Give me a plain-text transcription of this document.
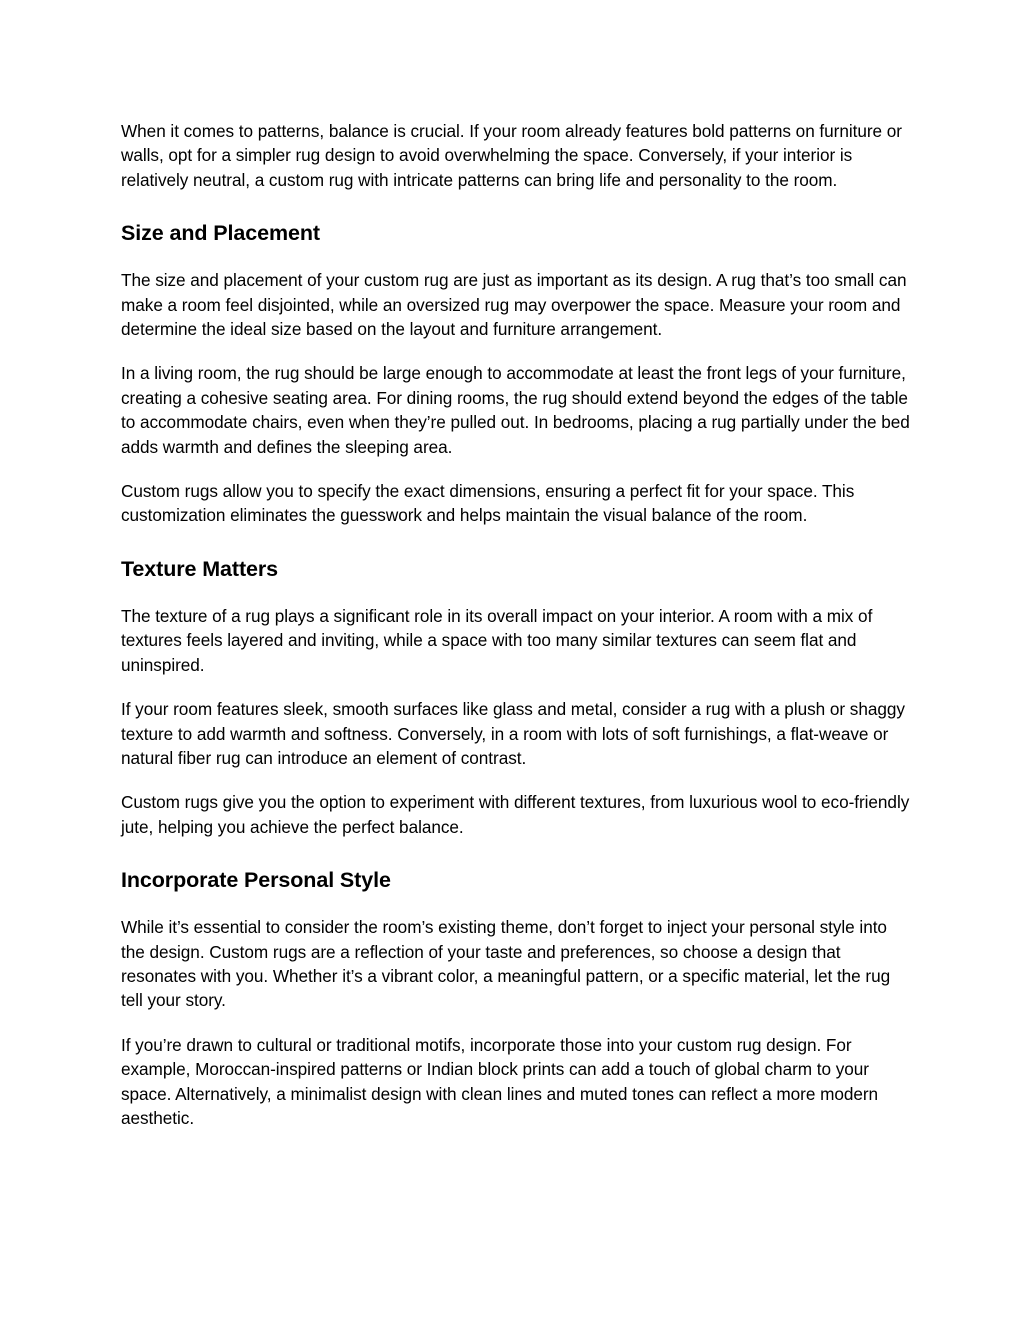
When it comes to patterns, balance is crucial. If your room already features bold patterns on furniture or walls, opt for a simpler rug design to avoid overwhelming the space. Conversely, if your interior is relatively neutral, a custom rug with intricate patterns can bring life and personality to the room.

Size and Placement

The size and placement of your custom rug are just as important as its design. A rug that’s too small can make a room feel disjointed, while an oversized rug may overpower the space. Measure your room and determine the ideal size based on the layout and furniture arrangement.

In a living room, the rug should be large enough to accommodate at least the front legs of your furniture, creating a cohesive seating area. For dining rooms, the rug should extend beyond the edges of the table to accommodate chairs, even when they’re pulled out. In bedrooms, placing a rug partially under the bed adds warmth and defines the sleeping area.

Custom rugs allow you to specify the exact dimensions, ensuring a perfect fit for your space. This customization eliminates the guesswork and helps maintain the visual balance of the room.

Texture Matters

The texture of a rug plays a significant role in its overall impact on your interior. A room with a mix of textures feels layered and inviting, while a space with too many similar textures can seem flat and uninspired.

If your room features sleek, smooth surfaces like glass and metal, consider a rug with a plush or shaggy texture to add warmth and softness. Conversely, in a room with lots of soft furnishings, a flat-weave or natural fiber rug can introduce an element of contrast.

Custom rugs give you the option to experiment with different textures, from luxurious wool to eco-friendly jute, helping you achieve the perfect balance.

Incorporate Personal Style

While it’s essential to consider the room’s existing theme, don’t forget to inject your personal style into the design. Custom rugs are a reflection of your taste and preferences, so choose a design that resonates with you. Whether it’s a vibrant color, a meaningful pattern, or a specific material, let the rug tell your story.

If you’re drawn to cultural or traditional motifs, incorporate those into your custom rug design. For example, Moroccan-inspired patterns or Indian block prints can add a touch of global charm to your space. Alternatively, a minimalist design with clean lines and muted tones can reflect a more modern aesthetic.
